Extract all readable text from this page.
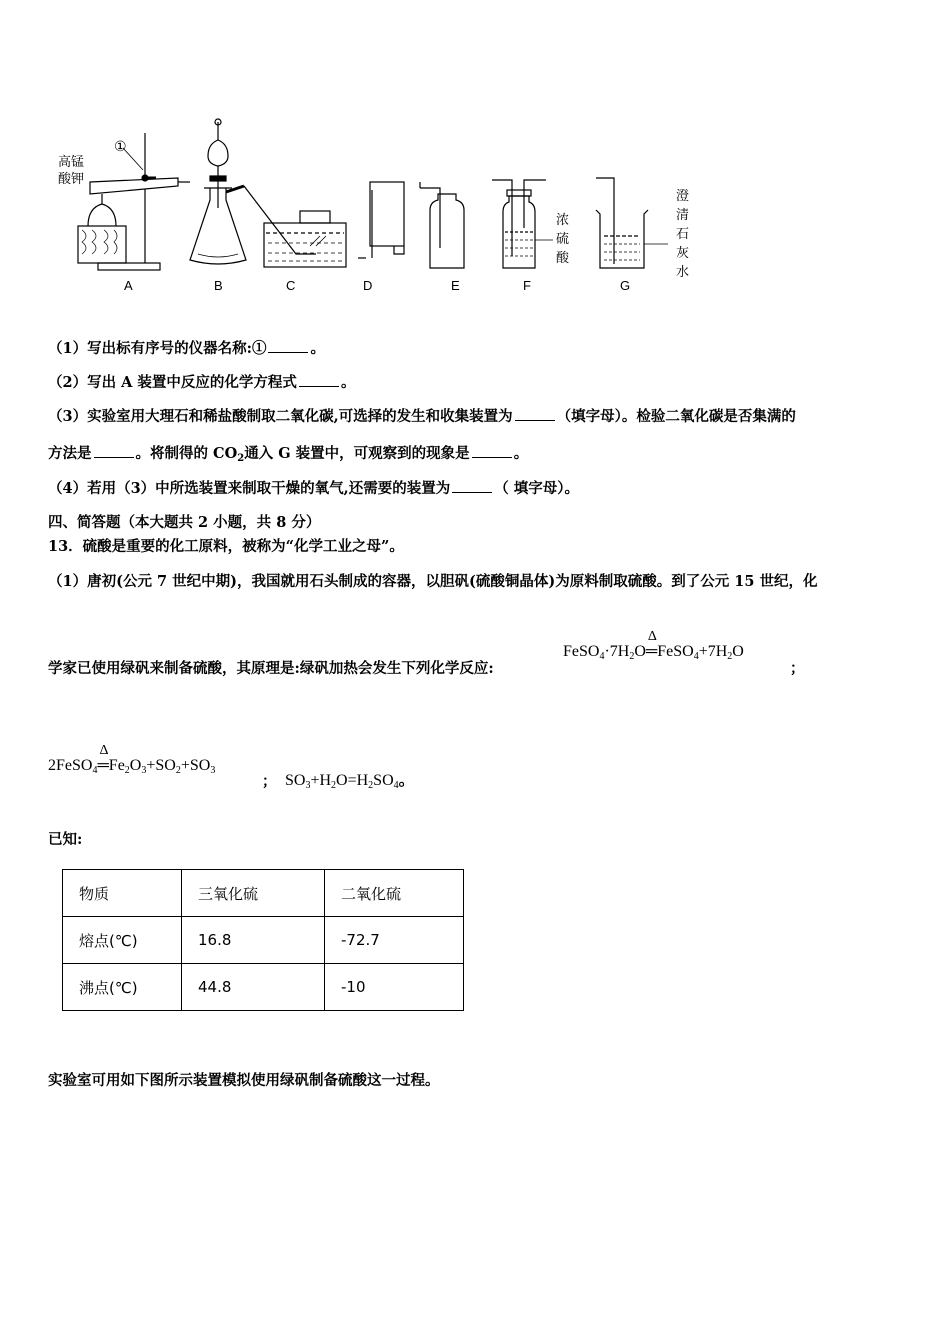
高锰
酸钾
①
浓
硫
酸
澄
清
石
灰
水
A	B	C	D	E	F	G
（1）写出标有序号的仪器名称:①	。
（2）写出 A 装置中反应的化学方程式	。
（3）实验室用大理石和稀盐酸制取二氧化碳,可选择的发生和收集装置为	（填字母）。检验二氧化碳是否集满的
方法是	。将制得的 $CO_2$通入 G 装置中，可观察到的现象是	。
（4）若用（3）中所选装置来制取干燥的氧气,还需要的装置为	（ 填字母）。
四、简答题（本大题共 2 小题，共 8 分）
13．硫酸是重要的化工原料，被称为“化学工业之母”。
（1）唐初(公元 7 世纪中期)，我国就用石头制成的容器，以胆矾(硫酸铜晶体)为原料制取硫酸。到了公元 15 世纪，化
学家已使用绿矾来制备硫酸，其原理是:绿矾加热会发生下列化学反应:
$FeSO_4\cdot 7H_2O$
Δ
$═FeSO_4+7H_2O$
；
2FeSO$_4$
Δ
$═Fe_2O_3+SO_2+SO_3$
； $SO_3+H_2O=H_2SO_4$。
已知:
物质	三氧化硫	二氧化硫
熔点(℃)	16.8	-72.7
沸点(℃)	44.8	-10
实验室可用如下图所示装置模拟使用绿矾制备硫酸这一过程。
